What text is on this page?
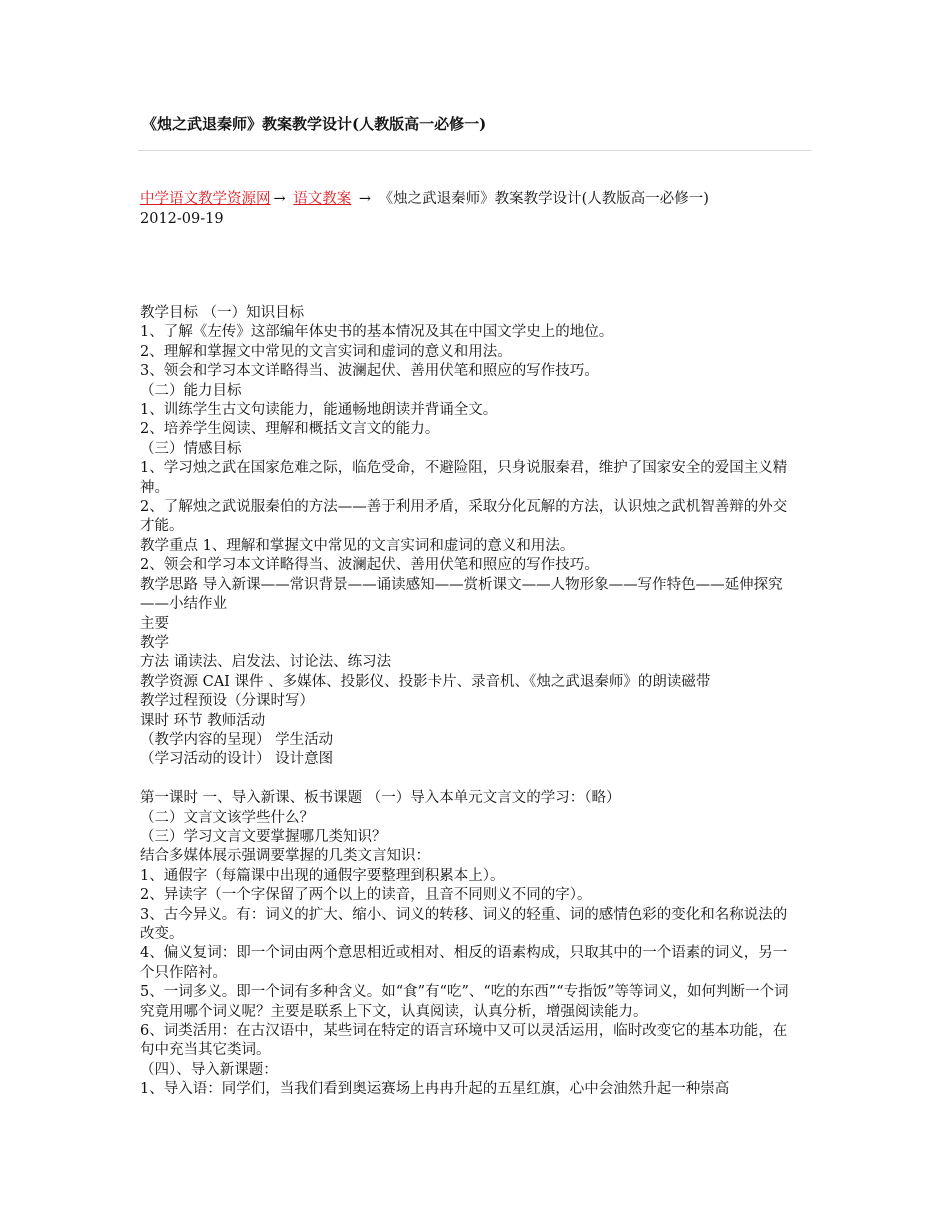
《烛之武退秦师》教案教学设计(人教版高一必修一)
中学语文教学资源网 → 语文教案 → 《烛之武退秦师》教案教学设计(人教版高一必修一)
2012-09-19

教学目标 （一）知识目标

1、了解《左传》这部编年体史书的基本情况及其在中国文学史上的地位。

2、理解和掌握文中常见的文言实词和虚词的意义和用法。

3、领会和学习本文详略得当、波澜起伏、善用伏笔和照应的写作技巧。

（二）能力目标

1、训练学生古文句读能力，能通畅地朗读并背诵全文。

2、培养学生阅读、理解和概括文言文的能力。

（三）情感目标

1、学习烛之武在国家危难之际，临危受命，不避险阻，只身说服秦君，维护了国家安全的爱国主义精神。

2、了解烛之武说服秦伯的方法——善于利用矛盾，采取分化瓦解的方法，认识烛之武机智善辩的外交才能。

教学重点 1、理解和掌握文中常见的文言实词和虚词的意义和用法。

2、领会和学习本文详略得当、波澜起伏、善用伏笔和照应的写作技巧。

教学思路 导入新课——常识背景——诵读感知——赏析课文——人物形象——写作特色——延伸探究——小结作业

主要

教学

方法 诵读法、启发法、讨论法、练习法

教学资源 CAI 课件 、多媒体、投影仪、投影卡片、录音机、《烛之武退秦师》的朗读磁带

教学过程预设（分课时写）

课时 环节 教师活动

（教学内容的呈现） 学生活动

（学习活动的设计） 设计意图

第一课时 一、导入新课、板书课题 （一）导入本单元文言文的学习：（略）

（二）文言文该学些什么？

（三）学习文言文要掌握哪几类知识？

结合多媒体展示强调要掌握的几类文言知识：

1、通假字（每篇课中出现的通假字要整理到积累本上）。

2、异读字（一个字保留了两个以上的读音，且音不同则义不同的字）。

3、古今异义。有：词义的扩大、缩小、词义的转移、词义的轻重、词的感情色彩的变化和名称说法的改变。

4、偏义复词：即一个词由两个意思相近或相对、相反的语素构成，只取其中的一个语素的词义，另一个只作陪衬。

5、一词多义。即一个词有多种含义。如“食”有“吃”、“吃的东西”“专指饭”等等词义，如何判断一个词究竟用哪个词义呢？主要是联系上下文，认真阅读，认真分析，增强阅读能力。

6、词类活用：在古汉语中，某些词在特定的语言环境中又可以灵活运用，临时改变它的基本功能，在句中充当其它类词。

（四）、导入新课题：

1、导入语：同学们，当我们看到奥运赛场上冉冉升起的五星红旗，心中会油然升起一种崇高
